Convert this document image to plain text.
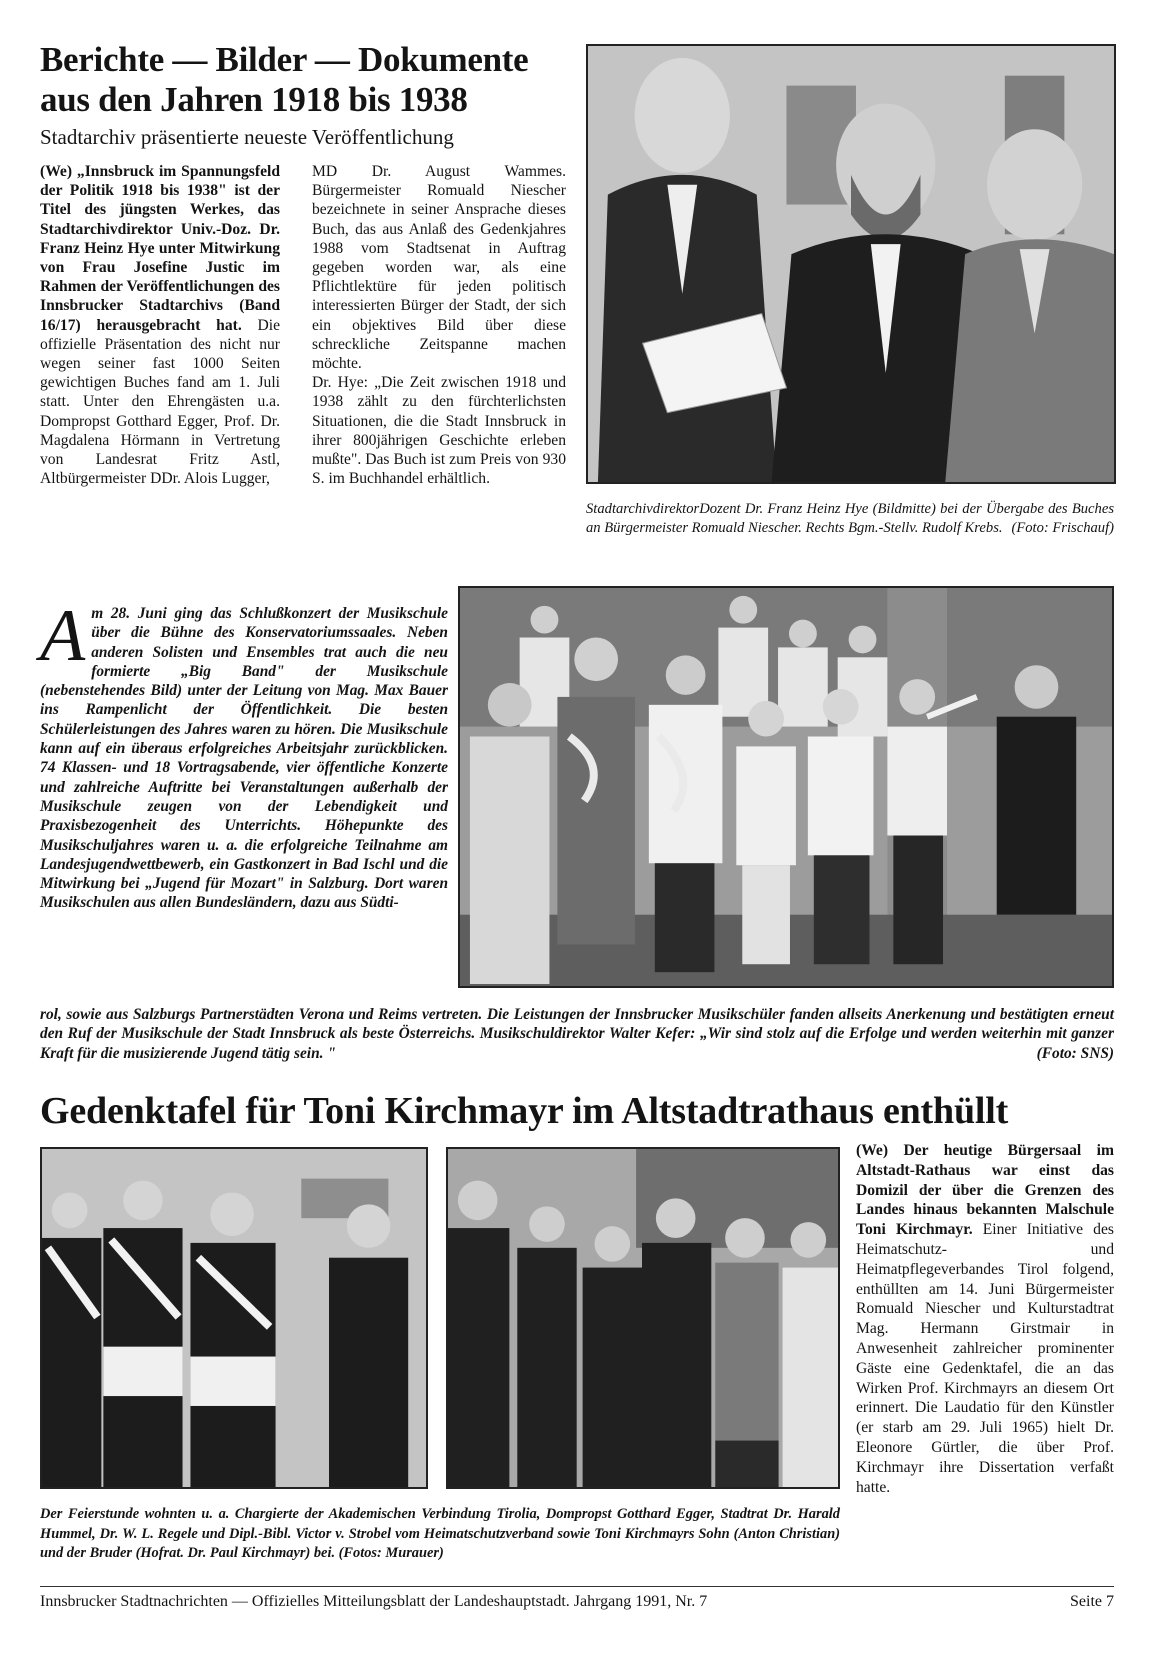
Berichte — Bilder — Dokumente aus den Jahren 1918 bis 1938
Stadtarchiv präsentierte neueste Veröffentlichung
(We) „Innsbruck im Spannungsfeld der Politik 1918 bis 1938" ist der Titel des jüngsten Werkes, das Stadtarchivdirektor Univ.-Doz. Dr. Franz Heinz Hye unter Mitwirkung von Frau Josefine Justic im Rahmen der Veröffentlichungen des Innsbrucker Stadtarchivs (Band 16/17) herausgebracht hat. Die offizielle Präsentation des nicht nur wegen seiner fast 1000 Seiten gewichtigen Buches fand am 1. Juli statt. Unter den Ehrengästen u.a. Dompropst Gotthard Egger, Prof. Dr. Magdalena Hörmann in Vertretung von Landesrat Fritz Astl, Altbürgermeister DDr. Alois Lugger,
MD Dr. August Wammes. Bürgermeister Romuald Niescher bezeichnete in seiner Ansprache dieses Buch, das aus Anlaß des Gedenkjahres 1988 vom Stadtsenat in Auftrag gegeben worden war, als eine Pflichtlektüre für jeden politisch interessierten Bürger der Stadt, der sich ein objektives Bild über diese schreckliche Zeitspanne machen möchte.
Dr. Hye: „Die Zeit zwischen 1918 und 1938 zählt zu den fürchterlichsten Situationen, die die Stadt Innsbruck in ihrer 800jährigen Geschichte erleben mußte". Das Buch ist zum Preis von 930 S. im Buchhandel erhältlich.
StadtarchivdirektorDozent Dr. Franz Heinz Hye (Bildmitte) bei der Übergabe des Buches an Bürgermeister Romuald Niescher. Rechts Bgm.-Stellv. Rudolf Krebs. (Foto: Frischauf)
A m 28. Juni ging das Schlußkonzert der Musikschule über die Bühne des Konservatoriumssaales. Neben anderen Solisten und Ensembles trat auch die neu formierte „Big Band" der Musikschule (nebenstehendes Bild) unter der Leitung von Mag. Max Bauer ins Rampenlicht der Öffentlichkeit. Die besten Schülerleistungen des Jahres waren zu hören. Die Musikschule kann auf ein überaus erfolgreiches Arbeitsjahr zurückblicken. 74 Klassen- und 18 Vortragsabende, vier öffentliche Konzerte und zahlreiche Auftritte bei Veranstaltungen außerhalb der Musikschule zeugen von der Lebendigkeit und Praxisbezogenheit des Unterrichts. Höhepunkte des Musikschuljahres waren u. a. die erfolgreiche Teilnahme am Landesjugendwettbewerb, ein Gastkonzert in Bad Ischl und die Mitwirkung bei „Jugend für Mozart" in Salzburg. Dort waren Musikschulen aus allen Bundesländern, dazu aus Südti-
rol, sowie aus Salzburgs Partnerstädten Verona und Reims vertreten. Die Leistungen der Innsbrucker Musikschüler fanden allseits Anerkenung und bestätigten erneut den Ruf der Musikschule der Stadt Innsbruck als beste Österreichs. Musikschuldirektor Walter Kefer: „Wir sind stolz auf die Erfolge und werden weiterhin mit ganzer Kraft für die musizierende Jugend tätig sein. "	(Foto: SNS)
Gedenktafel für Toni Kirchmayr im Altstadtrathaus enthüllt
Der Feierstunde wohnten u. a. Chargierte der Akademischen Verbindung Tirolia, Dompropst Gotthard Egger, Stadtrat Dr. Harald Hummel, Dr. W. L. Regele und Dipl.-Bibl. Victor v. Strobel vom Heimatschutzverband sowie Toni Kirchmayrs Sohn (Anton Christian) und der Bruder (Hofrat. Dr. Paul Kirchmayr) bei. (Fotos: Murauer)
(We) Der heutige Bürgersaal im Altstadt-Rathaus war einst das Domizil der über die Grenzen des Landes hinaus bekannten Malschule Toni Kirchmayr. Einer Initiative des Heimatschutz- und Heimatpflegeverbandes Tirol folgend, enthüllten am 14. Juni Bürgermeister Romuald Niescher und Kulturstadtrat Mag. Hermann Girstmair in Anwesenheit zahlreicher prominenter Gäste eine Gedenktafel, die an das Wirken Prof. Kirchmayrs an diesem Ort erinnert. Die Laudatio für den Künstler (er starb am 29. Juli 1965) hielt Dr. Eleonore Gürtler, die über Prof. Kirchmayr ihre Dissertation verfaßt hatte.
Innsbrucker Stadtnachrichten — Offizielles Mitteilungsblatt der Landeshauptstadt. Jahrgang 1991, Nr. 7	Seite 7
